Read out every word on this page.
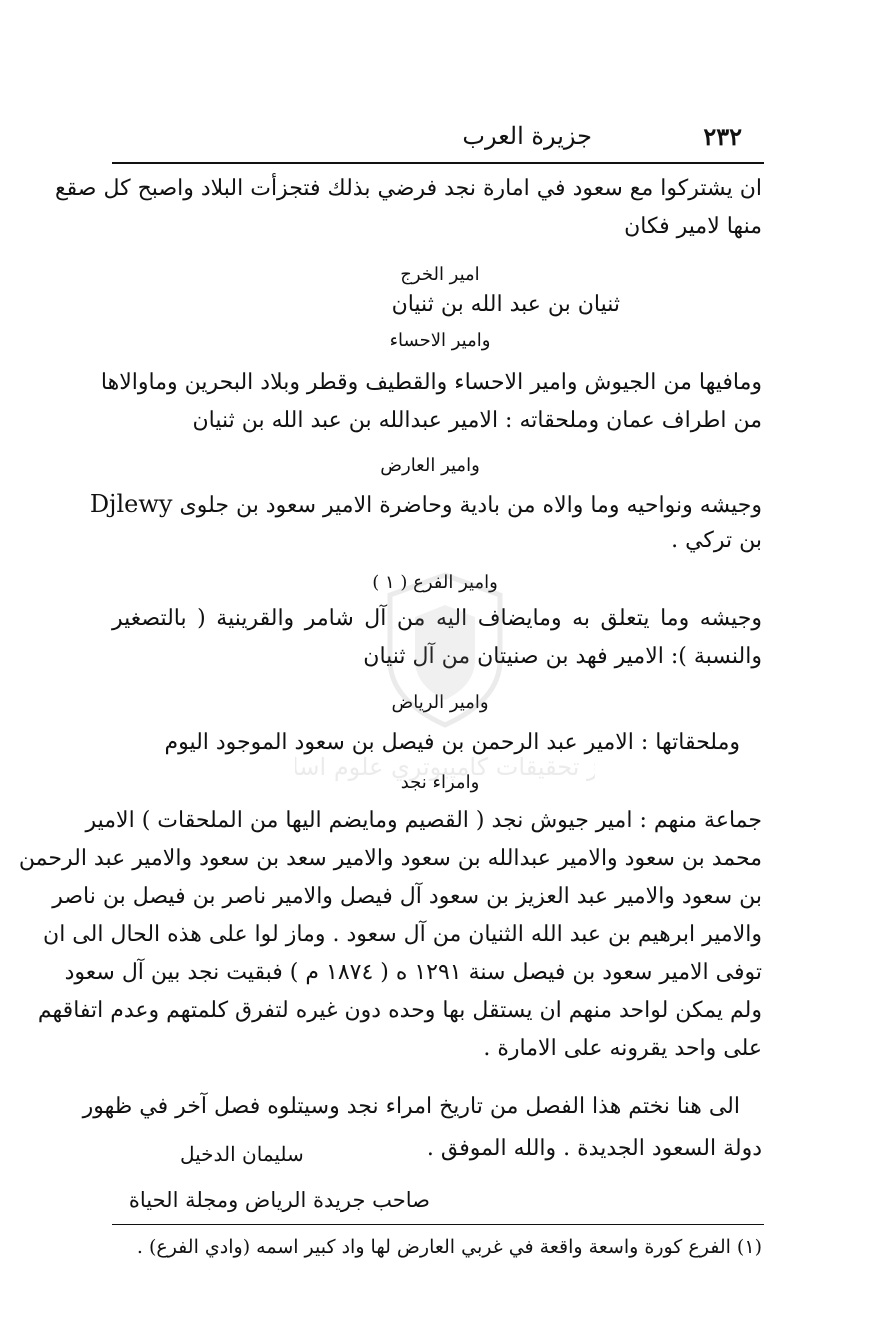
٢٣٢
جزيرة العرب
ان يشتركوا مع سعود في امارة نجد فرضي بذلك فتجزأت البلاد واصبح كل صقع
منها لامير فكان
امير الخرج
ثنيان بن عبد الله بن ثنيان
وامير الاحساء
ومافيها من الجيوش وامير الاحساء والقطيف وقطر وبلاد البحرين وماوالاها
من اطراف عمان وملحقاته : الامير عبدالله بن عبد الله بن ثنيان
وامير العارض
وجيشه ونواحيه وما والاه من بادية وحاضرة الامير سعود بن جلوى Djlewy
بن تركي .
وامير الفرع ( ١ )
وجيشه وما يتعلق به ومايضاف اليه من آل شامر والقرينية ( بالتصغير
والنسبة ): الامير فهد بن صنيتان من آل ثنيان
وامير الرياض
وملحقاتها : الامير عبد الرحمن بن فيصل بن سعود الموجود اليوم
وامراء نجد
جماعة منهم : امير جيوش نجد ( القصيم ومايضم اليها من الملحقات ) الامير
محمد بن سعود والامير عبدالله بن سعود والامير سعد بن سعود والامير عبد الرحمن
بن سعود والامير عبد العزيز بن سعود آل فيصل والامير ناصر بن فيصل بن ناصر
والامير ابرهيم بن عبد الله الثنيان من آل سعود . وماز لوا على هذه الحال الى ان
توفى الامير سعود بن فيصل سنة ١٢٩١ ه ( ١٨٧٤ م ) فبقيت نجد بين آل سعود
ولم يمكن لواحد منهم ان يستقل بها وحده دون غيره لتفرق كلمتهم وعدم اتفاقهم
على واحد يقرونه على الامارة .
الى هنا نختم هذا الفصل من تاريخ امراء نجد وسيتلوه فصل آخر في ظهور
دولة السعود الجديدة . والله الموفق .
سليمان الدخيل
صاحب جريدة الرياض ومجلة الحياة
(١) الفرع كورة واسعة واقعة في غربي العارض لها واد كبير اسمه (وادي الفرع) .
ز تحقيقات كامپيوتري علوم اسل
